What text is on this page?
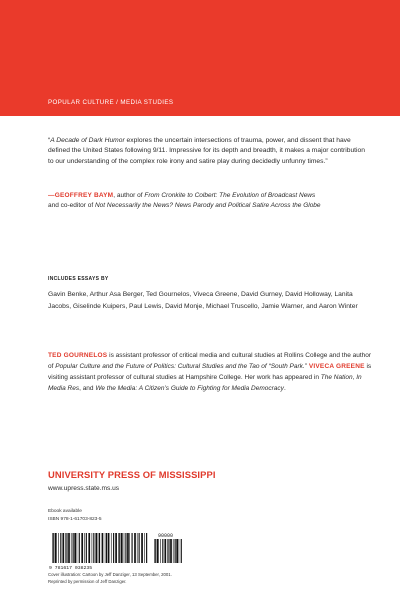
POPULAR CULTURE / MEDIA STUDIES
“A Decade of Dark Humor explores the uncertain intersections of trauma, power, and dissent that have defined the United States following 9/11. Impressive for its depth and breadth, it makes a major contribution to our understanding of the complex role irony and satire play during decidedly unfunny times.”
—GEOFFREY BAYM, author of From Cronkite to Colbert: The Evolution of Broadcast News
and co-editor of Not Necessarily the News? News Parody and Political Satire Across the Globe
INCLUDES ESSAYS BY
Gavin Benke, Arthur Asa Berger, Ted Gournelos, Viveca Greene, David Gurney, David Holloway, Lanita Jacobs, Giselinde Kuipers, Paul Lewis, David Monje, Michael Truscello, Jamie Warner, and Aaron Winter
TED GOURNELOS is assistant professor of critical media and cultural studies at Rollins College and the author of Popular Culture and the Future of Politics: Cultural Studies and the Tao of “South Park.” VIVECA GREENE is visiting assistant professor of cultural studies at Hampshire College. Her work has appeared in The Nation, In Media Res, and We the Media: A Citizen’s Guide to Fighting for Media Democracy.
UNIVERSITY PRESS OF MISSISSIPPI
www.upress.state.ms.us
Ebook available
ISBN 978-1-61703-823-5
9 781617 038235
90000
Cover illustration: Cartoon by Jeff Danziger, 13 September, 2001.
Reprinted by permission of Jeff Danziger.
